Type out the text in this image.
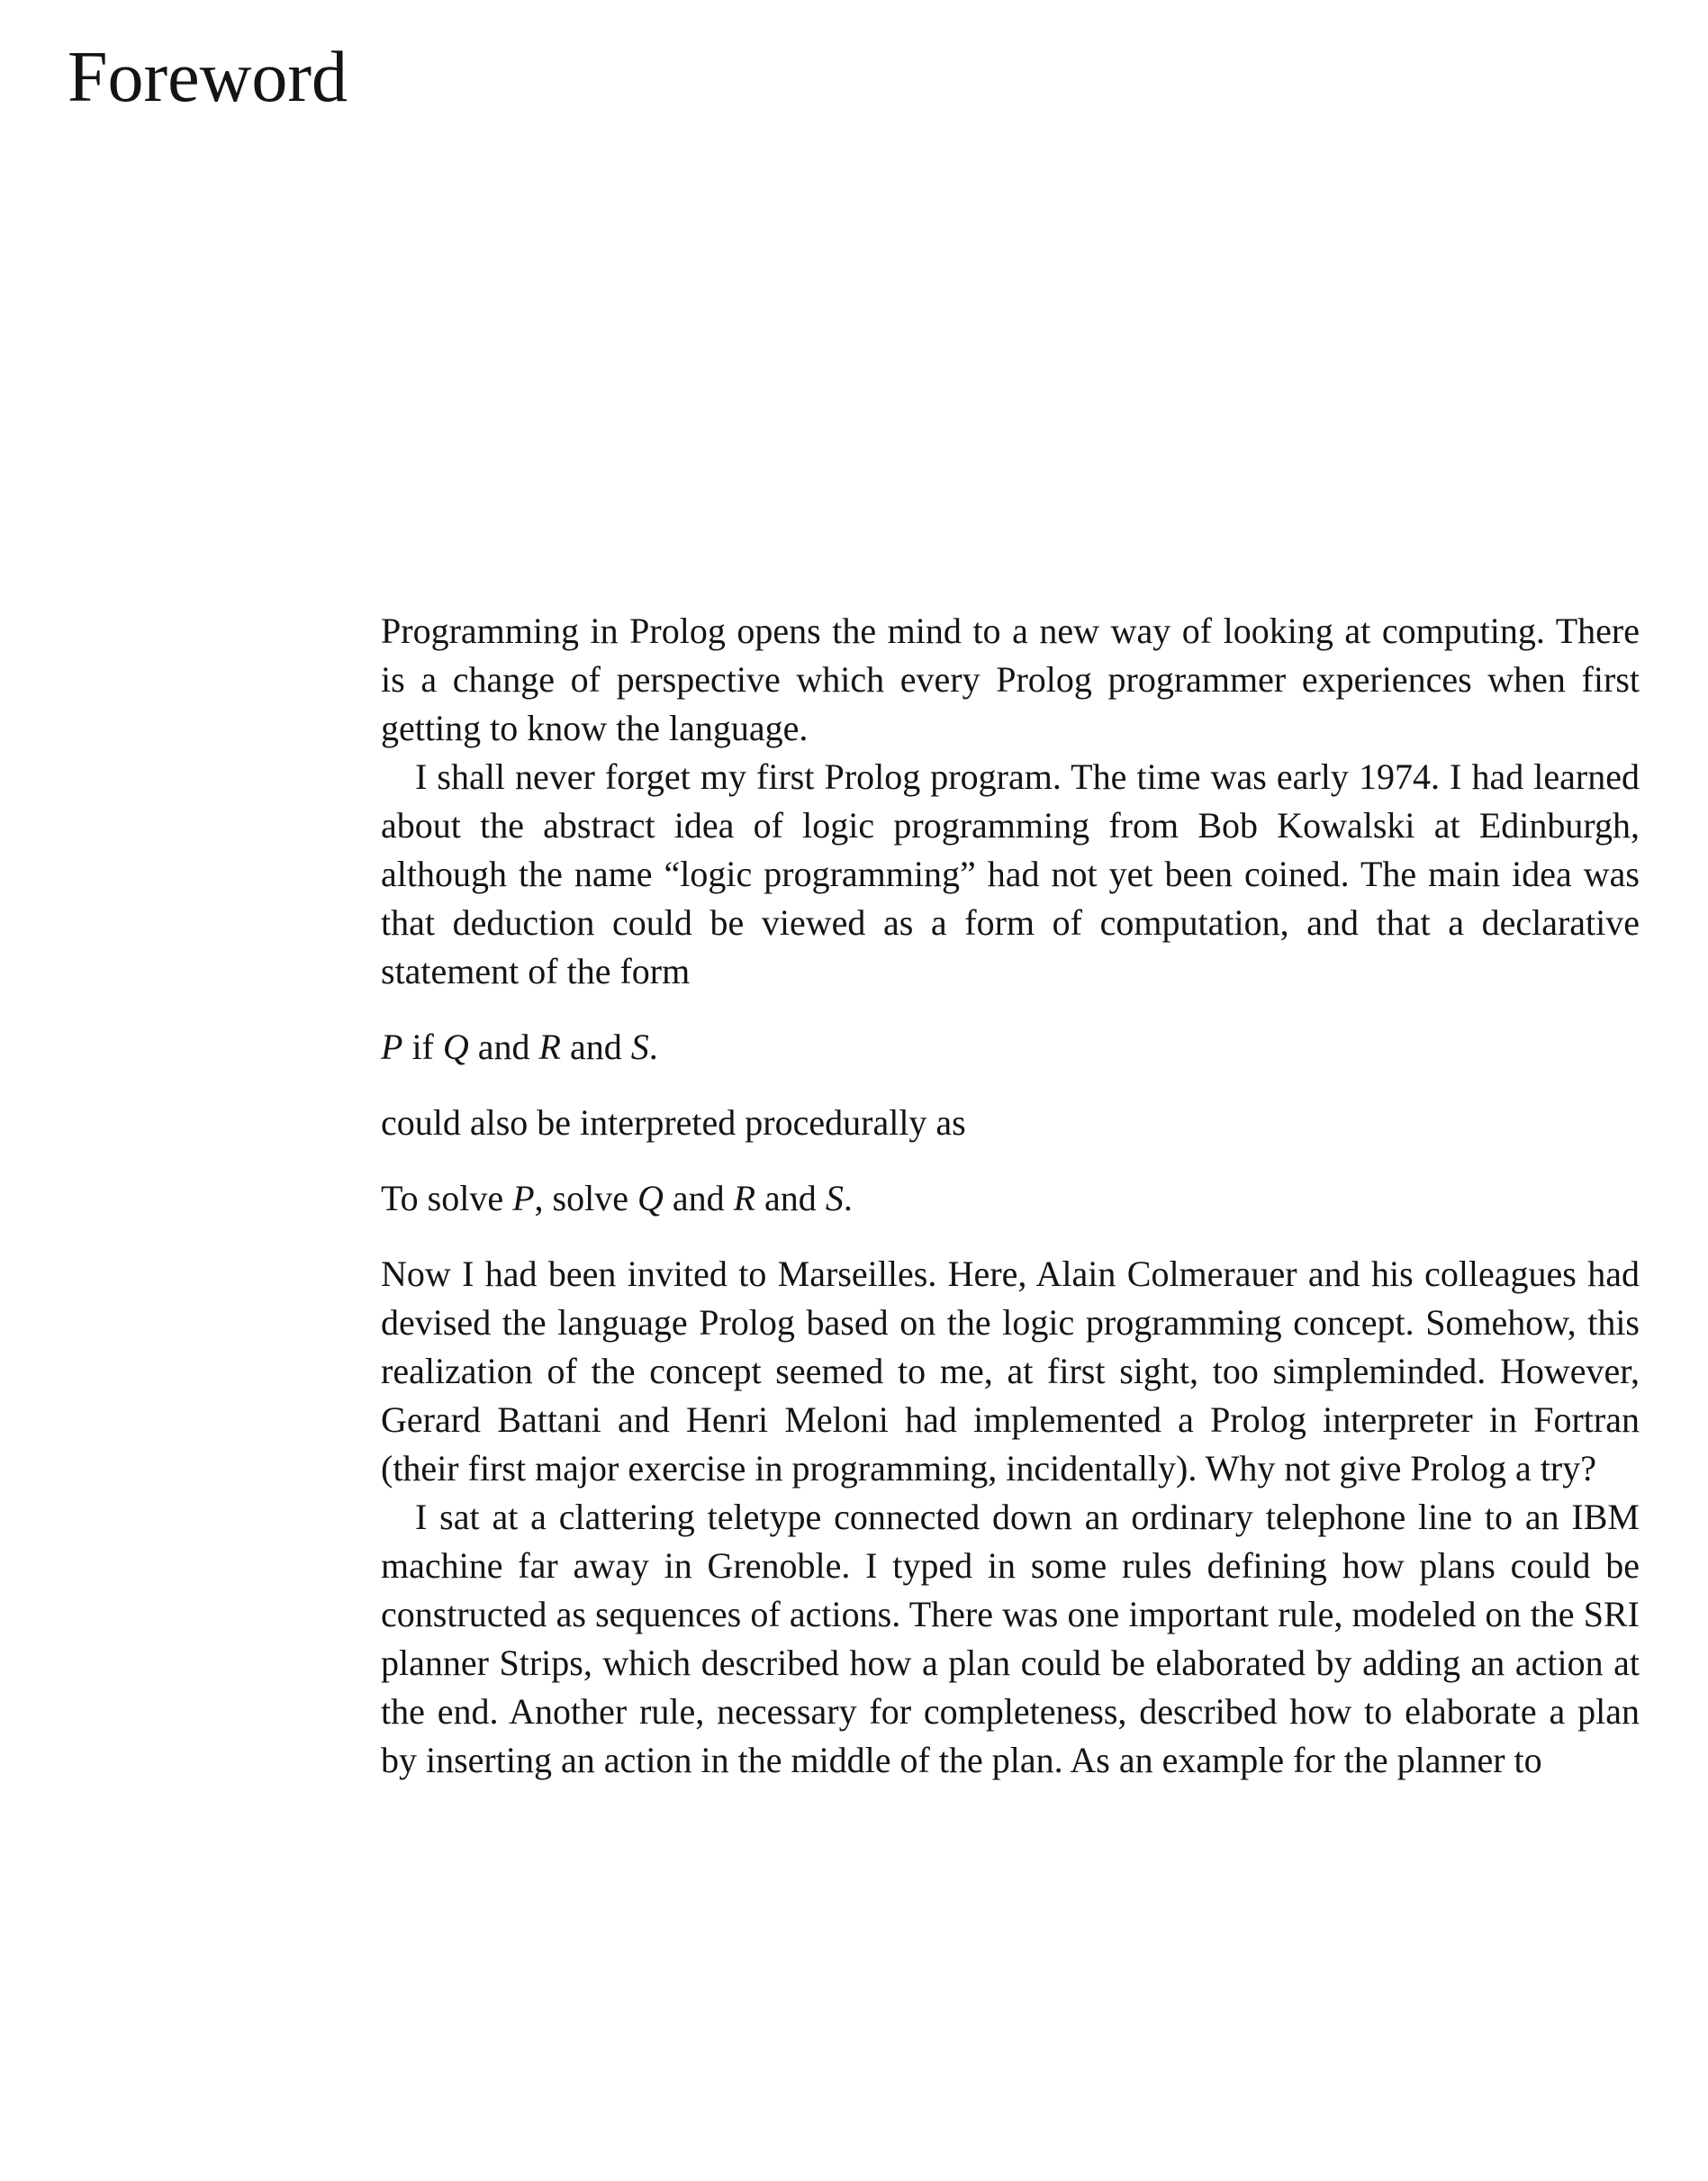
Foreword

Programming in Prolog opens the mind to a new way of looking at computing. There is a change of perspective which every Prolog programmer experiences when first getting to know the language.

I shall never forget my first Prolog program. The time was early 1974. I had learned about the abstract idea of logic programming from Bob Kowalski at Edinburgh, although the name “logic programming” had not yet been coined. The main idea was that deduction could be viewed as a form of computation, and that a declarative statement of the form

P if Q and R and S.

could also be interpreted procedurally as

To solve P, solve Q and R and S.

Now I had been invited to Marseilles. Here, Alain Colmerauer and his colleagues had devised the language Prolog based on the logic programming concept. Somehow, this realization of the concept seemed to me, at first sight, too simpleminded. However, Gerard Battani and Henri Meloni had implemented a Prolog interpreter in Fortran (their first major exercise in programming, incidentally). Why not give Prolog a try?

I sat at a clattering teletype connected down an ordinary telephone line to an IBM machine far away in Grenoble. I typed in some rules defining how plans could be constructed as sequences of actions. There was one important rule, modeled on the SRI planner Strips, which described how a plan could be elaborated by adding an action at the end. Another rule, necessary for completeness, described how to elaborate a plan by inserting an action in the middle of the plan. As an example for the planner to
